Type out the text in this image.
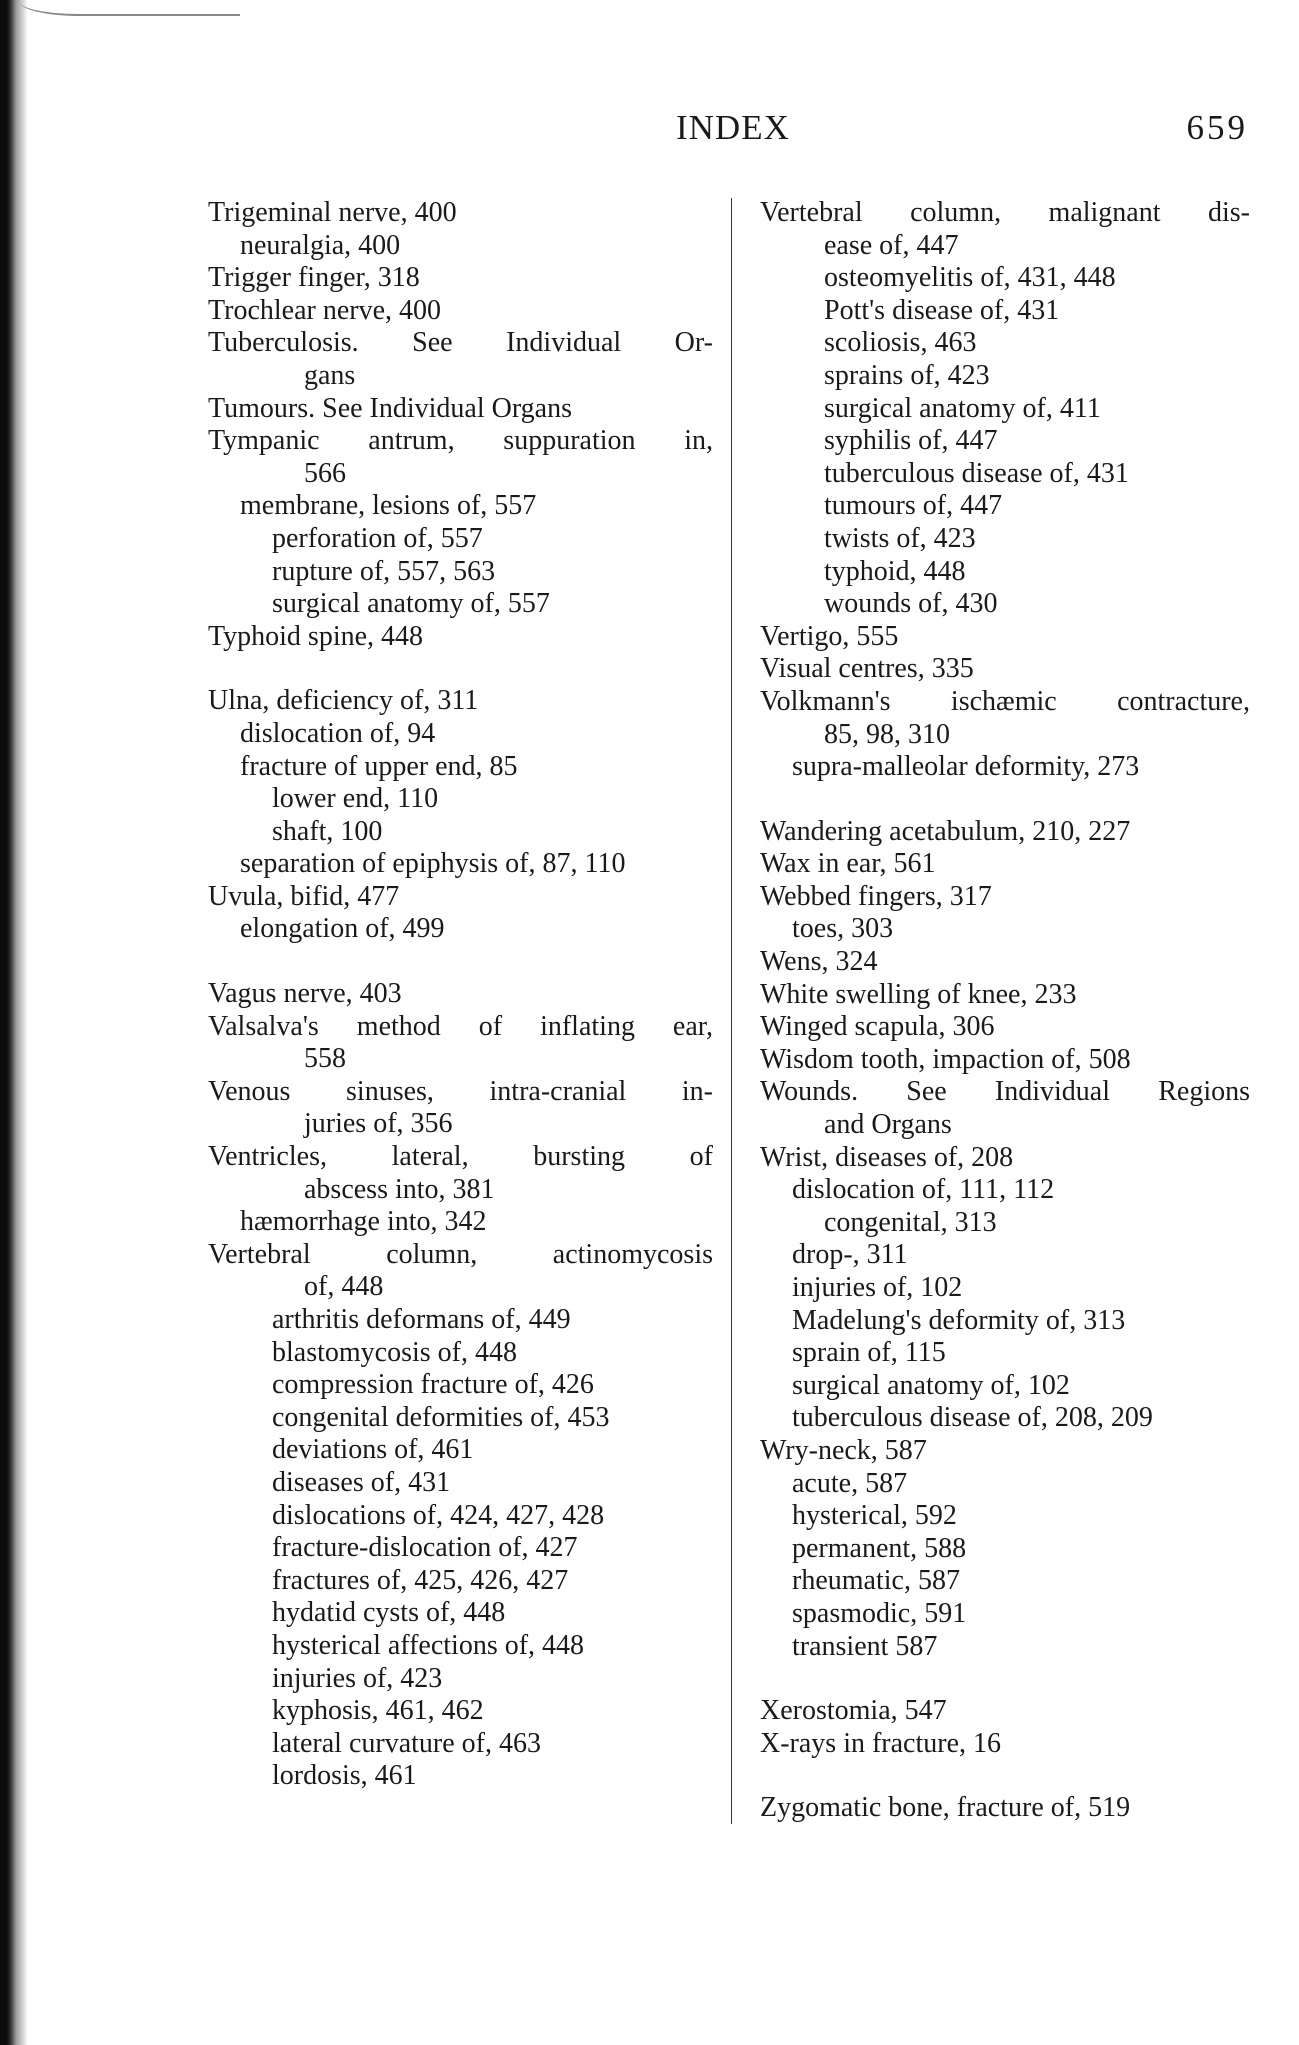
INDEX	659
Trigeminal nerve, 400
neuralgia, 400
Trigger finger, 318
Trochlear nerve, 400
Tuberculosis. See Individual Or-
gans
Tumours. See Individual Organs
Tympanic antrum, suppuration in,
566
membrane, lesions of, 557
perforation of, 557
rupture of, 557, 563
surgical anatomy of, 557
Typhoid spine, 448
Ulna, deficiency of, 311
dislocation of, 94
fracture of upper end, 85
lower end, 110
shaft, 100
separation of epiphysis of, 87, 110
Uvula, bifid, 477
elongation of, 499
Vagus nerve, 403
Valsalva's method of inflating ear,
558
Venous sinuses, intra-cranial in-
juries of, 356
Ventricles, lateral, bursting of
abscess into, 381
hæmorrhage into, 342
Vertebral column, actinomycosis
of, 448
arthritis deformans of, 449
blastomycosis of, 448
compression fracture of, 426
congenital deformities of, 453
deviations of, 461
diseases of, 431
dislocations of, 424, 427, 428
fracture-dislocation of, 427
fractures of, 425, 426, 427
hydatid cysts of, 448
hysterical affections of, 448
injuries of, 423
kyphosis, 461, 462
lateral curvature of, 463
lordosis, 461
Vertebral column, malignant dis-
ease of, 447
osteomyelitis of, 431, 448
Pott's disease of, 431
scoliosis, 463
sprains of, 423
surgical anatomy of, 411
syphilis of, 447
tuberculous disease of, 431
tumours of, 447
twists of, 423
typhoid, 448
wounds of, 430
Vertigo, 555
Visual centres, 335
Volkmann's ischæmic contracture,
85, 98, 310
supra-malleolar deformity, 273
Wandering acetabulum, 210, 227
Wax in ear, 561
Webbed fingers, 317
toes, 303
Wens, 324
White swelling of knee, 233
Winged scapula, 306
Wisdom tooth, impaction of, 508
Wounds. See Individual Regions
and Organs
Wrist, diseases of, 208
dislocation of, 111, 112
congenital, 313
drop-, 311
injuries of, 102
Madelung's deformity of, 313
sprain of, 115
surgical anatomy of, 102
tuberculous disease of, 208, 209
Wry-neck, 587
acute, 587
hysterical, 592
permanent, 588
rheumatic, 587
spasmodic, 591
transient 587
Xerostomia, 547
X-rays in fracture, 16
Zygomatic bone, fracture of, 519
